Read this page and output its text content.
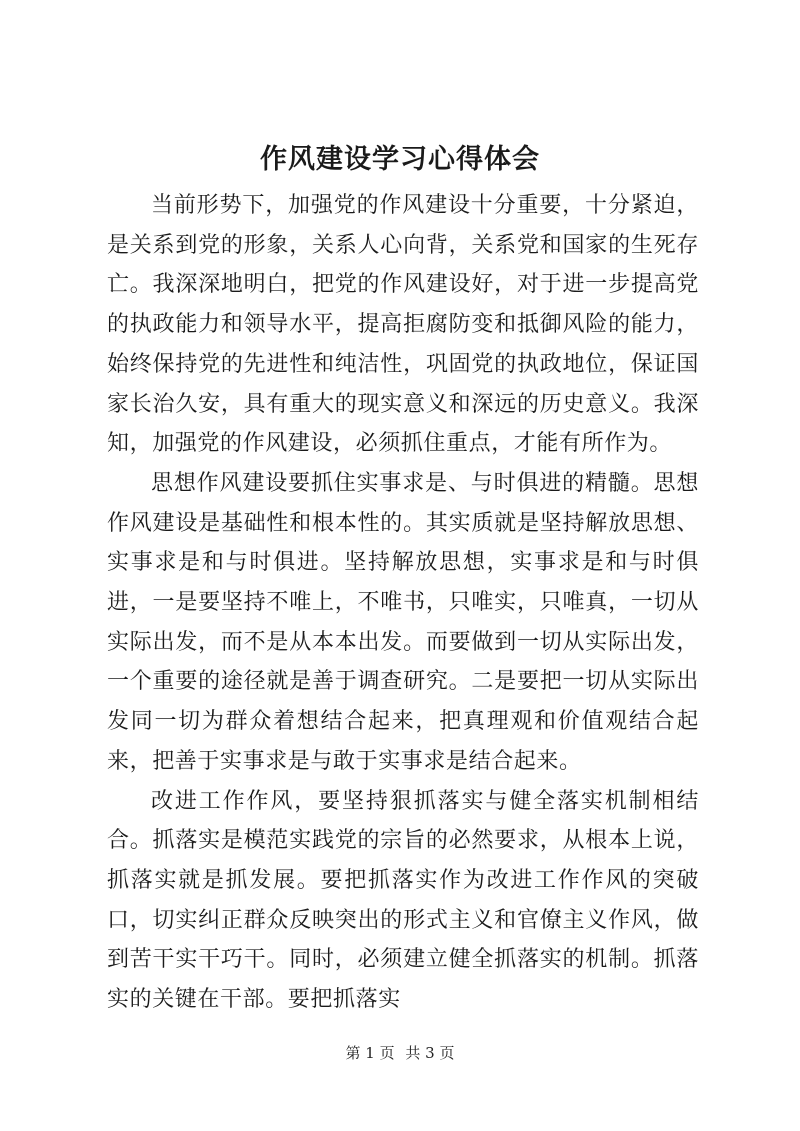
作风建设学习心得体会

当前形势下，加强党的作风建设十分重要，十分紧迫，是关系到党的形象，关系人心向背，关系党和国家的生死存亡。我深深地明白，把党的作风建设好，对于进一步提高党的执政能力和领导水平，提高拒腐防变和抵御风险的能力，始终保持党的先进性和纯洁性，巩固党的执政地位，保证国家长治久安，具有重大的现实意义和深远的历史意义。我深知，加强党的作风建设，必须抓住重点，才能有所作为。

思想作风建设要抓住实事求是、与时俱进的精髓。思想作风建设是基础性和根本性的。其实质就是坚持解放思想、实事求是和与时俱进。坚持解放思想，实事求是和与时俱进，一是要坚持不唯上，不唯书，只唯实，只唯真，一切从实际出发，而不是从本本出发。而要做到一切从实际出发，一个重要的途径就是善于调查研究。二是要把一切从实际出发同一切为群众着想结合起来，把真理观和价值观结合起来，把善于实事求是与敢于实事求是结合起来。

改进工作作风，要坚持狠抓落实与健全落实机制相结合。抓落实是模范实践党的宗旨的必然要求，从根本上说，抓落实就是抓发展。要把抓落实作为改进工作作风的突破口，切实纠正群众反映突出的形式主义和官僚主义作风，做到苦干实干巧干。同时，必须建立健全抓落实的机制。抓落实的关键在干部。要把抓落实

第 1 页 共 3 页
